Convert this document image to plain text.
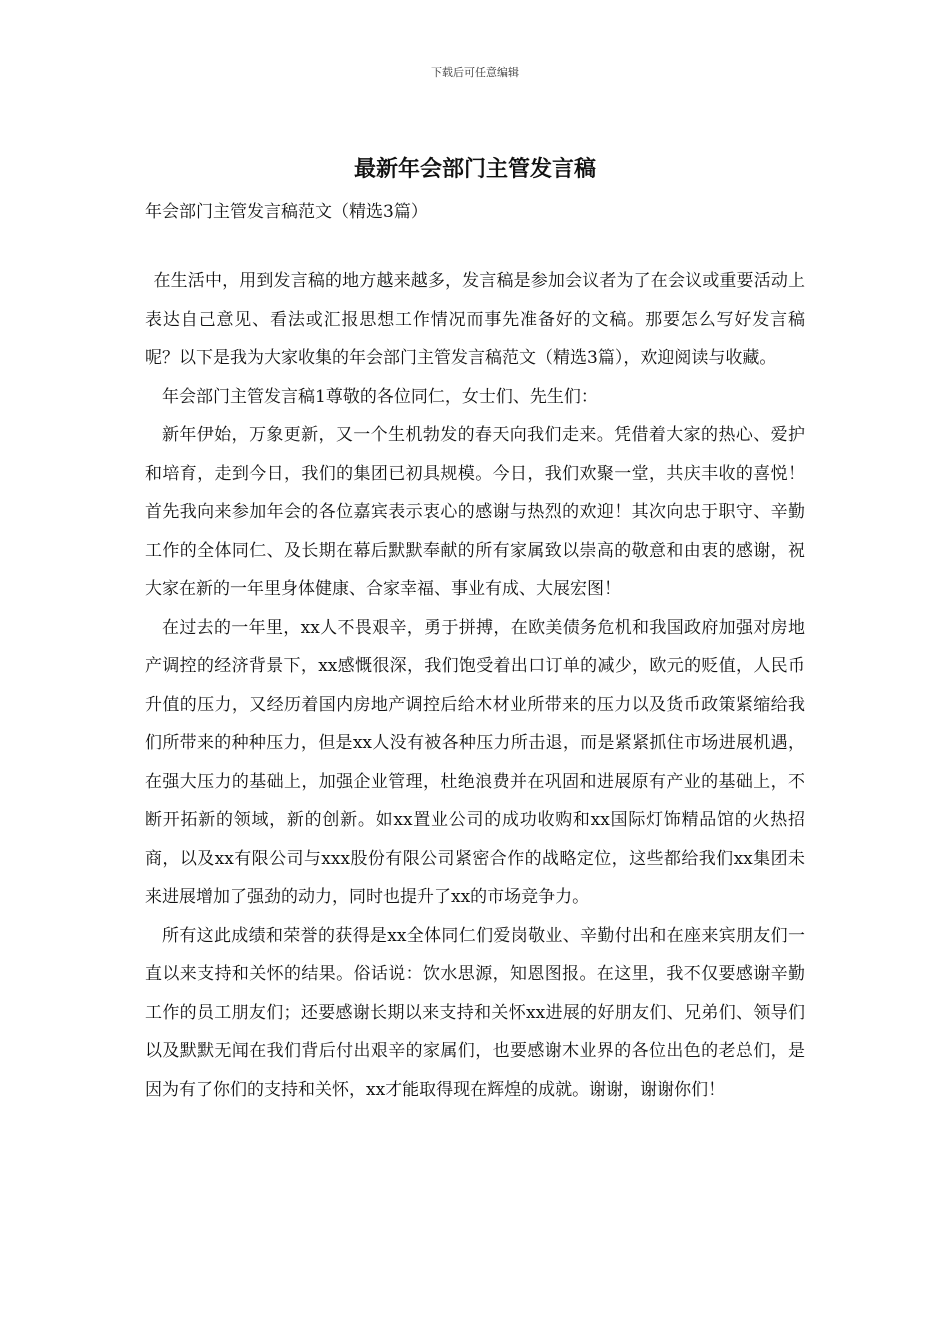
下载后可任意编辑
最新年会部门主管发言稿

年会部门主管发言稿范文（精选3篇）

在生活中，用到发言稿的地方越来越多，发言稿是参加会议者为了在会议或重要活动上表达自己意见、看法或汇报思想工作情况而事先准备好的文稿。那要怎么写好发言稿呢？以下是我为大家收集的年会部门主管发言稿范文（精选3篇），欢迎阅读与收藏。

年会部门主管发言稿1尊敬的各位同仁，女士们、先生们：

新年伊始，万象更新，又一个生机勃发的春天向我们走来。凭借着大家的热心、爱护和培育，走到今日，我们的集团已初具规模。今日，我们欢聚一堂，共庆丰收的喜悦！首先我向来参加年会的各位嘉宾表示衷心的感谢与热烈的欢迎！其次向忠于职守、辛勤工作的全体同仁、及长期在幕后默默奉献的所有家属致以崇高的敬意和由衷的感谢，祝大家在新的一年里身体健康、合家幸福、事业有成、大展宏图！

在过去的一年里，xx人不畏艰辛，勇于拼搏，在欧美债务危机和我国政府加强对房地产调控的经济背景下，xx感慨很深，我们饱受着出口订单的减少，欧元的贬值，人民币升值的压力，又经历着国内房地产调控后给木材业所带来的压力以及货币政策紧缩给我们所带来的种种压力，但是xx人没有被各种压力所击退，而是紧紧抓住市场进展机遇，在强大压力的基础上，加强企业管理，杜绝浪费并在巩固和进展原有产业的基础上，不断开拓新的领域，新的创新。如xx置业公司的成功收购和xx国际灯饰精品馆的火热招商，以及xx有限公司与xxx股份有限公司紧密合作的战略定位，这些都给我们xx集团未来进展增加了强劲的动力，同时也提升了xx的市场竞争力。

所有这此成绩和荣誉的获得是xx全体同仁们爱岗敬业、辛勤付出和在座来宾朋友们一直以来支持和关怀的结果。俗话说：饮水思源，知恩图报。在这里，我不仅要感谢辛勤工作的员工朋友们；还要感谢长期以来支持和关怀xx进展的好朋友们、兄弟们、领导们以及默默无闻在我们背后付出艰辛的家属们，也要感谢木业界的各位出色的老总们，是因为有了你们的支持和关怀，xx才能取得现在辉煌的成就。谢谢，谢谢你们！
